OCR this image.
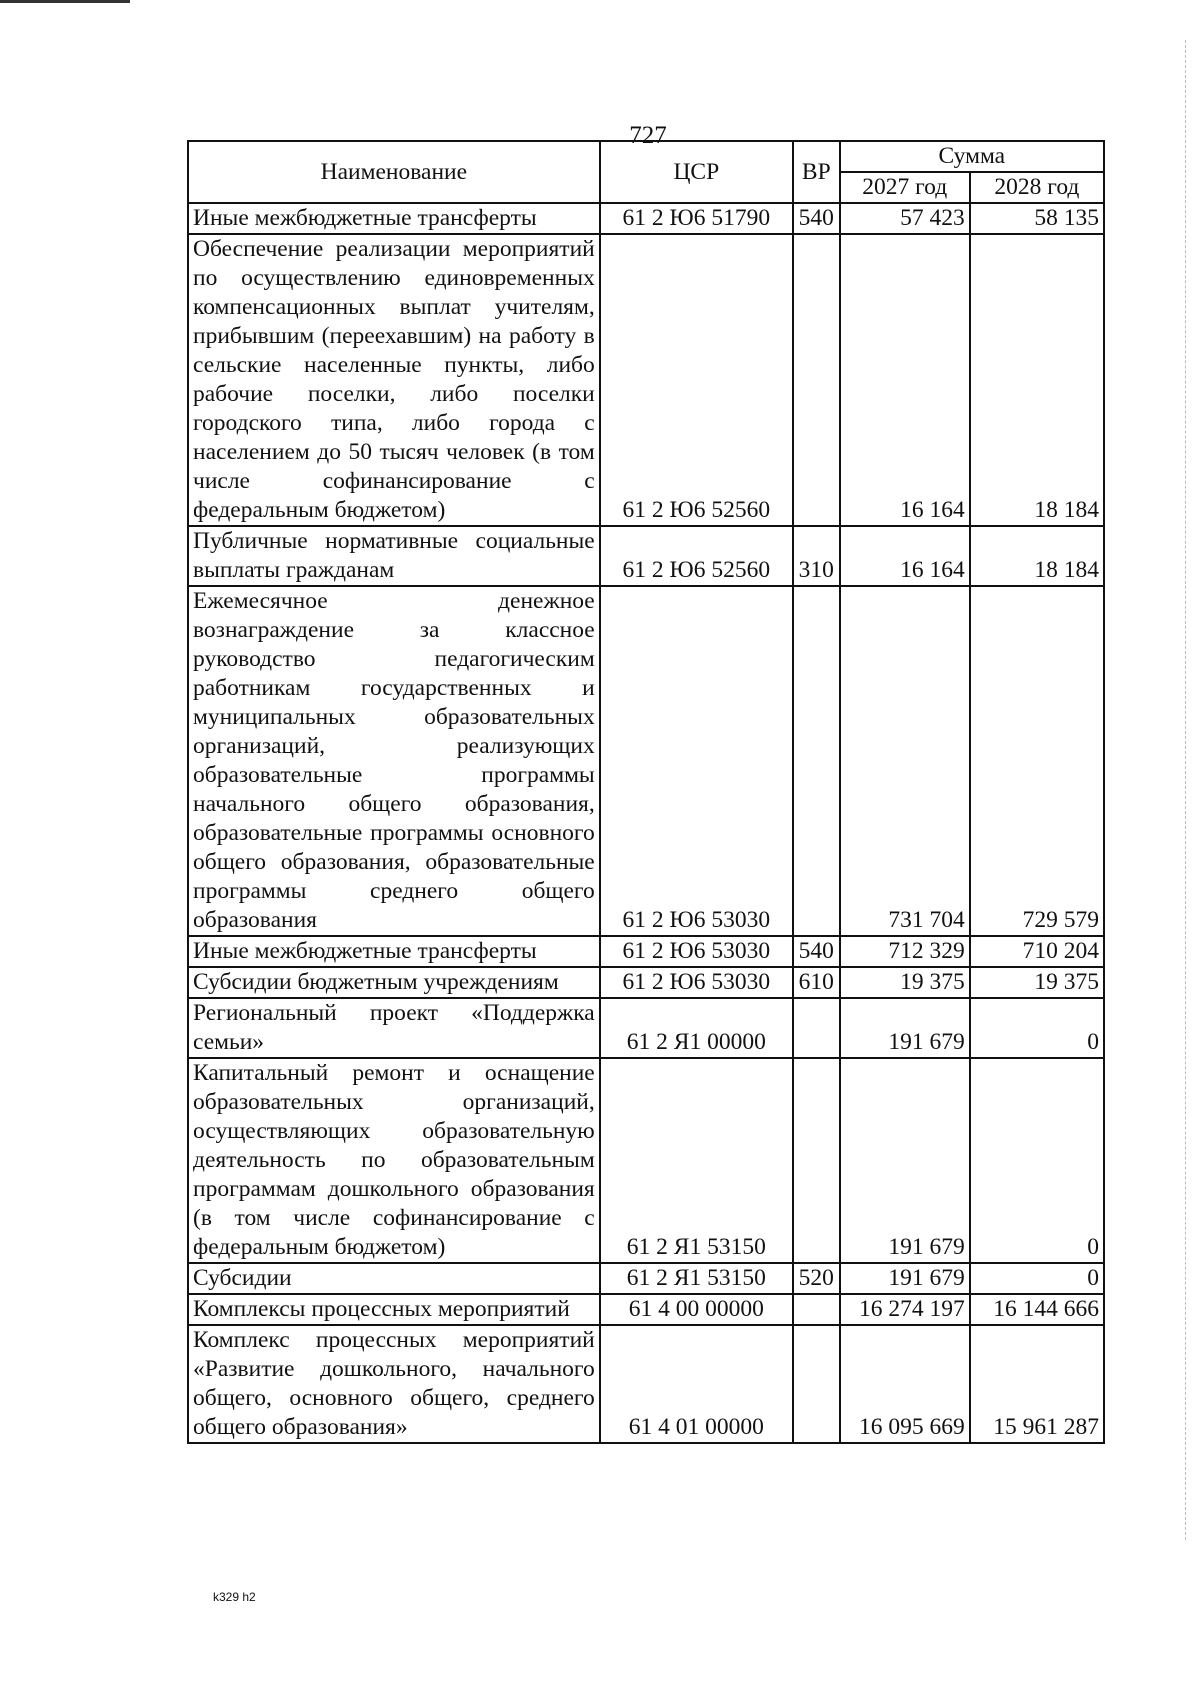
727
Наименование	ЦСР	ВР	Сумма	
			2027 год	2028 год
Иные межбюджетные трансферты	61 2 Ю6 51790	540	57 423	58 135
Обеспечение реализации мероприятий по осуществлению единовременных компенсационных выплат учителям, прибывшим (переехавшим) на работу в сельские населенные пункты, либо рабочие поселки, либо поселки городского типа, либо города с населением до 50 тысяч человек (в том числе софинансирование с федеральным бюджетом)	61 2 Ю6 52560		16 164	18 184
Публичные нормативные социальные выплаты гражданам	61 2 Ю6 52560	310	16 164	18 184
Ежемесячное денежное вознаграждение за классное руководство педагогическим работникам государственных и муниципальных образовательных организаций, реализующих образовательные программы начального общего образования, образовательные программы основного общего образования, образовательные программы среднего общего образования	61 2 Ю6 53030		731 704	729 579
Иные межбюджетные трансферты	61 2 Ю6 53030	540	712 329	710 204
Субсидии бюджетным учреждениям	61 2 Ю6 53030	610	19 375	19 375
Региональный проект «Поддержка семьи»	61 2 Я1 00000		191 679	0
Капитальный ремонт и оснащение образовательных организаций, осуществляющих образовательную деятельность по образовательным программам дошкольного образования (в том числе софинансирование с федеральным бюджетом)	61 2 Я1 53150		191 679	0
Субсидии	61 2 Я1 53150	520	191 679	0
Комплексы процессных мероприятий	61 4 00 00000		16 274 197	16 144 666
Комплекс процессных мероприятий «Развитие дошкольного, начального общего, основного общего, среднего общего образования»	61 4 01 00000		16 095 669	15 961 287
k329 h2
